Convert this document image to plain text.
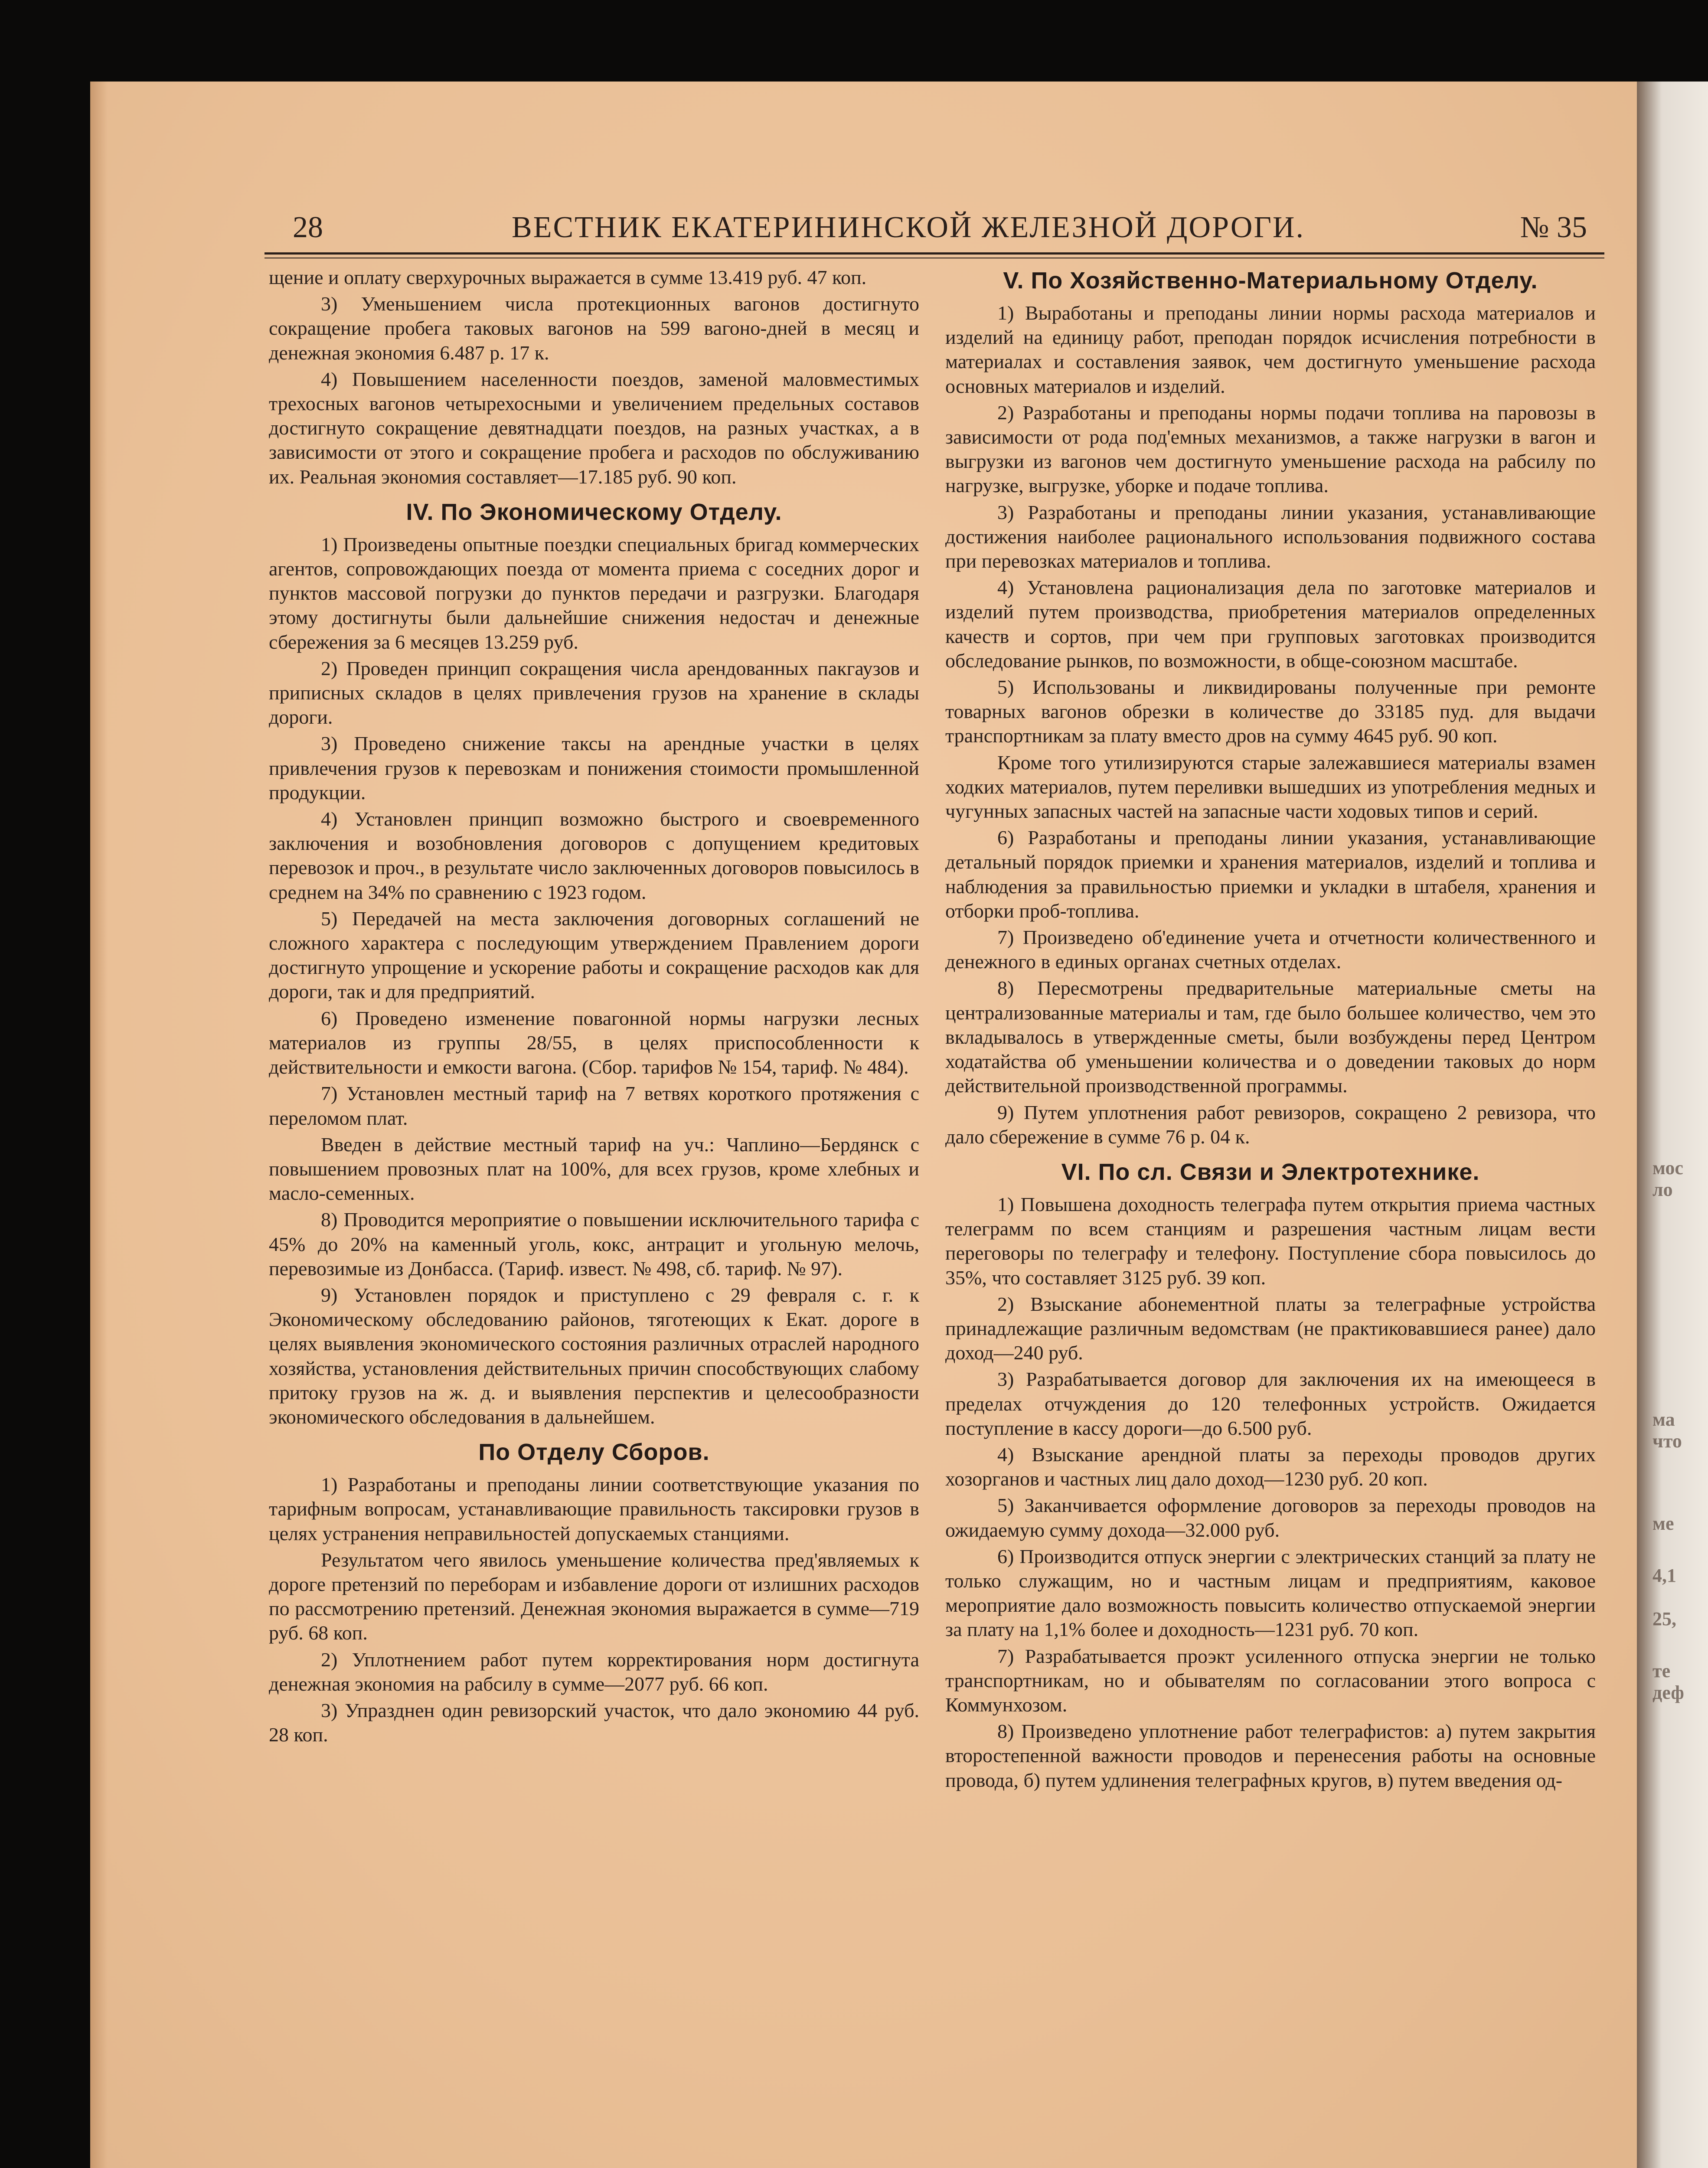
мос
ло
ма
что
ме
4,1
25,
те
деф
28	ВЕСТНИК ЕКАТЕРИНИНСКОЙ ЖЕЛЕЗНОЙ ДОРОГИ.	№ 35

щение и оплату сверхурочных выражается в сумме 13.419 руб. 47 коп.

3) Уменьшением числа протекционных вагонов достигнуто сокращение пробега таковых вагонов на 599 вагоно-дней в месяц и денежная экономия 6.487 р. 17 к.

4) Повышением населенности поездов, заменой маловместимых трехосных вагонов четырехосными и увеличением предельных составов достигнуто сокращение девятнадцати поездов, на разных участках, а в зависимости от этого и сокращение пробега и расходов по обслуживанию их. Реальная экономия составляет—17.185 руб. 90 коп.

IV. По Экономическому Отделу.

1) Произведены опытные поездки специальных бригад коммерческих агентов, сопровождающих поезда от момента приема с соседних дорог и пунктов массовой погрузки до пунктов передачи и разгрузки. Благодаря этому достигнуты были дальнейшие снижения недостач и денежные сбережения за 6 месяцев 13.259 руб.

2) Проведен принцип сокращения числа арендованных пакгаузов и приписных складов в целях привлечения грузов на хранение в склады дороги.

3) Проведено снижение таксы на арендные участки в целях привлечения грузов к перевозкам и понижения стоимости промышленной продукции.

4) Установлен принцип возможно быстрого и своевременного заключения и возобновления договоров с допущением кредитовых перевозок и проч., в результате число заключенных договоров повысилось в среднем на 34% по сравнению с 1923 годом.

5) Передачей на места заключения договорных соглашений не сложного характера с последующим утверждением Правлением дороги достигнуто упрощение и ускорение работы и сокращение расходов как для дороги, так и для предприятий.

6) Проведено изменение повагонной нормы нагрузки лесных материалов из группы 28/55, в целях приспособленности к действительности и емкости вагона. (Сбор. тарифов № 154, тариф. № 484).

7) Установлен местный тариф на 7 ветвях короткого протяжения с переломом плат.

Введен в действие местный тариф на уч.: Чаплино—Бердянск с повышением провозных плат на 100%, для всех грузов, кроме хлебных и масло-семенных.

8) Проводится мероприятие о повышении исключительного тарифа с 45% до 20% на каменный уголь, кокс, антрацит и угольную мелочь, перевозимые из Донбасса. (Тариф. извест. № 498, сб. тариф. № 97).

9) Установлен порядок и приступлено с 29 февраля с. г. к Экономическому обследованию районов, тяготеющих к Екат. дороге в целях выявления экономического состояния различных отраслей народного хозяйства, установления действительных причин способствующих слабому притоку грузов на ж. д. и выявления перспектив и целесообразности экономического обследования в дальнейшем.

По Отделу Сборов.

1) Разработаны и преподаны линии соответствующие указания по тарифным вопросам, устанавливающие правильность таксировки грузов в целях устранения неправильностей допускаемых станциями.

Результатом чего явилось уменьшение количества пред'являемых к дороге претензий по переборам и избавление дороги от излишних расходов по рассмотрению претензий. Денежная экономия выражается в сумме—719 руб. 68 коп.

2) Уплотнением работ путем корректирования норм достигнута денежная экономия на рабсилу в сумме—2077 руб. 66 коп.

3) Упразднен один ревизорский участок, что дало экономию 44 руб. 28 коп.

V. По Хозяйственно-Материальному Отделу.

1) Выработаны и преподаны линии нормы расхода материалов и изделий на единицу работ, преподан порядок исчисления потребности в материалах и составления заявок, чем достигнуто уменьшение расхода основных материалов и изделий.

2) Разработаны и преподаны нормы подачи топлива на паровозы в зависимости от рода под'емных механизмов, а также нагрузки в вагон и выгрузки из вагонов чем достигнуто уменьшение расхода на рабсилу по нагрузке, выгрузке, уборке и подаче топлива.

3) Разработаны и преподаны линии указания, устанавливающие достижения наиболее рационального использования подвижного состава при перевозках материалов и топлива.

4) Установлена рационализация дела по заготовке материалов и изделий путем производства, приобретения материалов определенных качеств и сортов, при чем при групповых заготовках производится обследование рынков, по возможности, в обще-союзном масштабе.

5) Использованы и ликвидированы полученные при ремонте товарных вагонов обрезки в количестве до 33185 пуд. для выдачи транспортникам за плату вместо дров на сумму 4645 руб. 90 коп.

Кроме того утилизируются старые залежавшиеся материалы взамен ходких материалов, путем переливки вышедших из употребления медных и чугунных запасных частей на запасные части ходовых типов и серий.

6) Разработаны и преподаны линии указания, устанавливающие детальный порядок приемки и хранения материалов, изделий и топлива и наблюдения за правильностью приемки и укладки в штабеля, хранения и отборки проб-топлива.

7) Произведено об'единение учета и отчетности количественного и денежного в единых органах счетных отделах.

8) Пересмотрены предварительные материальные сметы на централизованные материалы и там, где было большее количество, чем это вкладывалось в утвержденные сметы, были возбуждены перед Центром ходатайства об уменьшении количества и о доведении таковых до норм действительной производственной программы.

9) Путем уплотнения работ ревизоров, сокращено 2 ревизора, что дало сбережение в сумме 76 р. 04 к.

VI. По сл. Связи и Электротехнике.

1) Повышена доходность телеграфа путем открытия приема частных телеграмм по всем станциям и разрешения частным лицам вести переговоры по телеграфу и телефону. Поступление сбора повысилось до 35%, что составляет 3125 руб. 39 коп.

2) Взыскание абонементной платы за телеграфные устройства принадлежащие различным ведомствам (не практиковавшиеся ранее) дало доход—240 руб.

3) Разрабатывается договор для заключения их на имеющееся в пределах отчуждения до 120 телефонных устройств. Ожидается поступление в кассу дороги—до 6.500 руб.

4) Взыскание арендной платы за переходы проводов других хозорганов и частных лиц дало доход—1230 руб. 20 коп.

5) Заканчивается оформление договоров за переходы проводов на ожидаемую сумму дохода—32.000 руб.

6) Производится отпуск энергии с электрических станций за плату не только служащим, но и частным лицам и предприятиям, каковое мероприятие дало возможность повысить количество отпускаемой энергии за плату на 1,1% более и доходность—1231 руб. 70 коп.

7) Разрабатывается проэкт усиленного отпуска энергии не только транспортникам, но и обывателям по согласовании этого вопроса с Коммунхозом.

8) Произведено уплотнение работ телеграфистов: а) путем закрытия второстепенной важности проводов и перенесения работы на основные провода, б) путем удлинения телеграфных кругов, в) путем введения од-
